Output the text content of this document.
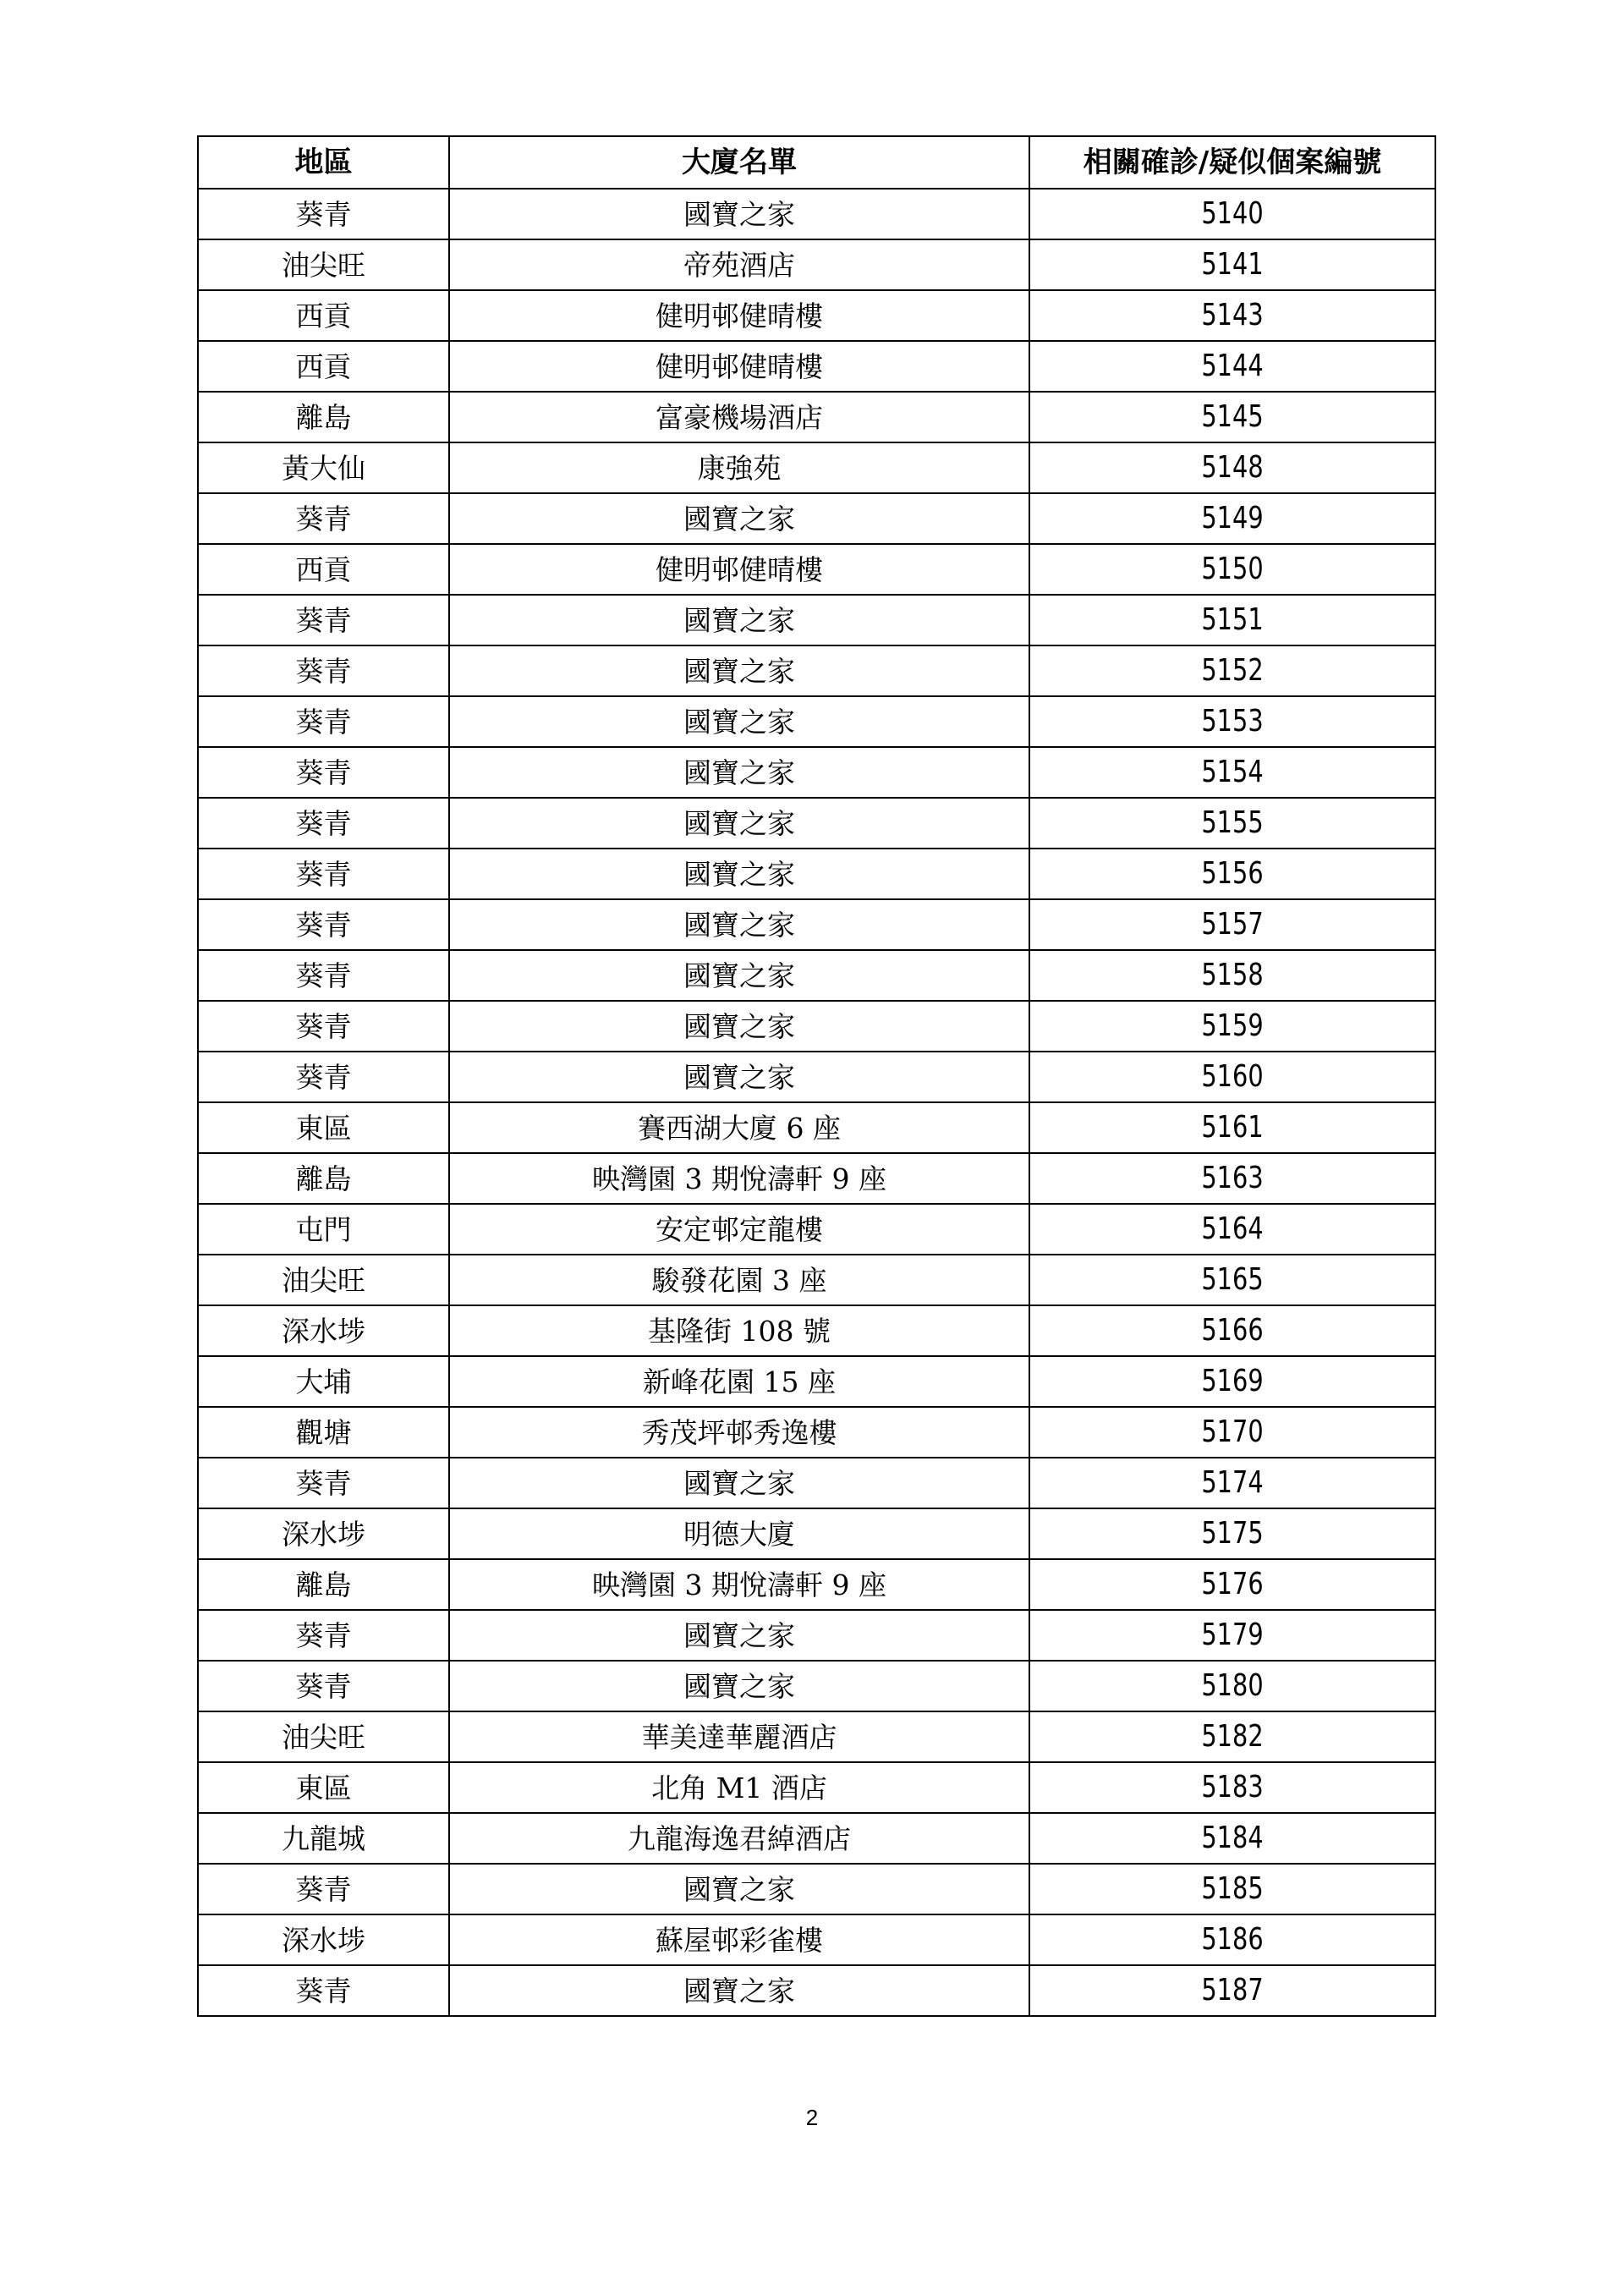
地區	大廈名單	相關確診/疑似個案編號
葵青	國寶之家	5140
油尖旺	帝苑酒店	5141
西貢	健明邨健晴樓	5143
西貢	健明邨健晴樓	5144
離島	富豪機場酒店	5145
黃大仙	康強苑	5148
葵青	國寶之家	5149
西貢	健明邨健晴樓	5150
葵青	國寶之家	5151
葵青	國寶之家	5152
葵青	國寶之家	5153
葵青	國寶之家	5154
葵青	國寶之家	5155
葵青	國寶之家	5156
葵青	國寶之家	5157
葵青	國寶之家	5158
葵青	國寶之家	5159
葵青	國寶之家	5160
東區	賽西湖大廈 6 座	5161
離島	映灣園 3 期悅濤軒 9 座	5163
屯門	安定邨定龍樓	5164
油尖旺	駿發花園 3 座	5165
深水埗	基隆街 108 號	5166
大埔	新峰花園 15 座	5169
觀塘	秀茂坪邨秀逸樓	5170
葵青	國寶之家	5174
深水埗	明德大廈	5175
離島	映灣園 3 期悅濤軒 9 座	5176
葵青	國寶之家	5179
葵青	國寶之家	5180
油尖旺	華美達華麗酒店	5182
東區	北角 M1 酒店	5183
九龍城	九龍海逸君綽酒店	5184
葵青	國寶之家	5185
深水埗	蘇屋邨彩雀樓	5186
葵青	國寶之家	5187
2
